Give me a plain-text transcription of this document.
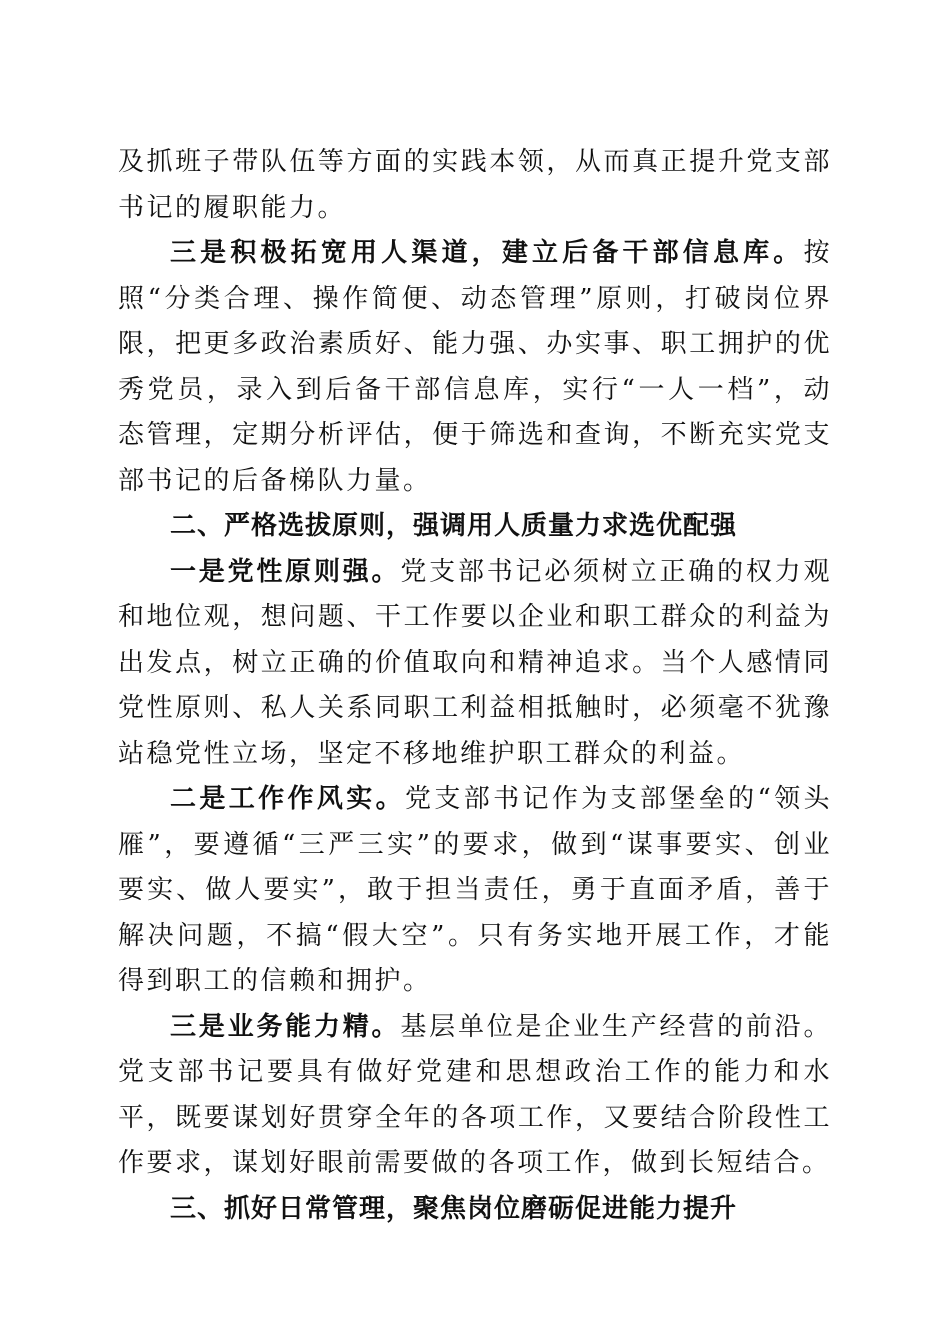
及抓班子带队伍等方面的实践本领，从而真正提升党支部书记的履职能力。

三是积极拓宽用人渠道，建立后备干部信息库。按照“分类合理、操作简便、动态管理”原则，打破岗位界限，把更多政治素质好、能力强、办实事、职工拥护的优秀党员，录入到后备干部信息库，实行“一人一档”，动态管理，定期分析评估，便于筛选和查询，不断充实党支部书记的后备梯队力量。

二、严格选拔原则，强调用人质量力求选优配强

一是党性原则强。党支部书记必须树立正确的权力观和地位观，想问题、干工作要以企业和职工群众的利益为出发点，树立正确的价值取向和精神追求。当个人感情同党性原则、私人关系同职工利益相抵触时，必须毫不犹豫站稳党性立场，坚定不移地维护职工群众的利益。

二是工作作风实。党支部书记作为支部堡垒的“领头雁”，要遵循“三严三实”的要求，做到“谋事要实、创业要实、做人要实”，敢于担当责任，勇于直面矛盾，善于解决问题，不搞“假大空”。只有务实地开展工作，才能得到职工的信赖和拥护。

三是业务能力精。基层单位是企业生产经营的前沿。党支部书记要具有做好党建和思想政治工作的能力和水平，既要谋划好贯穿全年的各项工作，又要结合阶段性工作要求，谋划好眼前需要做的各项工作，做到长短结合。

三、抓好日常管理，聚焦岗位磨砺促进能力提升
